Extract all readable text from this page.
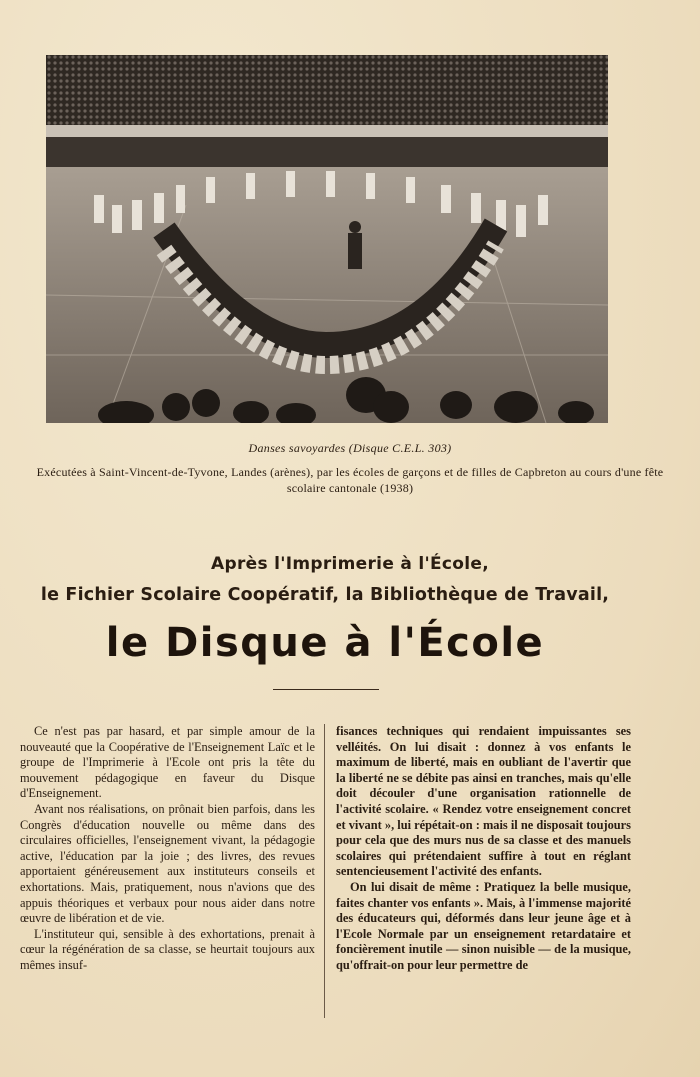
Danses savoyardes (Disque C.E.L. 303)
Exécutées à Saint-Vincent-de-Tyvone, Landes (arènes), par les écoles de garçons et de filles de Capbreton au cours d'une fête scolaire cantonale (1938)
Après l'Imprimerie à l'École,
le Fichier Scolaire Coopératif, la Bibliothèque de Travail,
le Disque à l'École

Ce n'est pas par hasard, et par simple amour de la nouveauté que la Coopérative de l'Enseignement Laïc et le groupe de l'Imprimerie à l'Ecole ont pris la tête du mouvement pédagogique en faveur du Disque d'Enseignement.

Avant nos réalisations, on prônait bien parfois, dans les Congrès d'éducation nouvelle ou même dans des circulaires officielles, l'enseignement vivant, la pédagogie active, l'éducation par la joie ; des livres, des revues apportaient généreusement aux instituteurs conseils et exhortations. Mais, pratiquement, nous n'avions que des appuis théoriques et verbaux pour nous aider dans notre œuvre de libération et de vie.

L'instituteur qui, sensible à des exhortations, prenait à cœur la régénération de sa classe, se heurtait toujours aux mêmes insuf-

fisances techniques qui rendaient impuissantes ses velléités. On lui disait : donnez à vos enfants le maximum de liberté, mais en oubliant de l'avertir que la liberté ne se débite pas ainsi en tranches, mais qu'elle doit découler d'une organisation rationnelle de l'activité scolaire. « Rendez votre enseignement concret et vivant », lui répétait-on : mais il ne disposait toujours pour cela que des murs nus de sa classe et des manuels scolaires qui prétendaient suffire à tout en réglant sentencieusement l'activité des enfants.

On lui disait de même : Pratiquez la belle musique, faites chanter vos enfants ». Mais, à l'immense majorité des éducateurs qui, déformés dans leur jeune âge et à l'Ecole Normale par un enseignement retardataire et foncièrement inutile — sinon nuisible — de la musique, qu'offrait-on pour leur permettre de
